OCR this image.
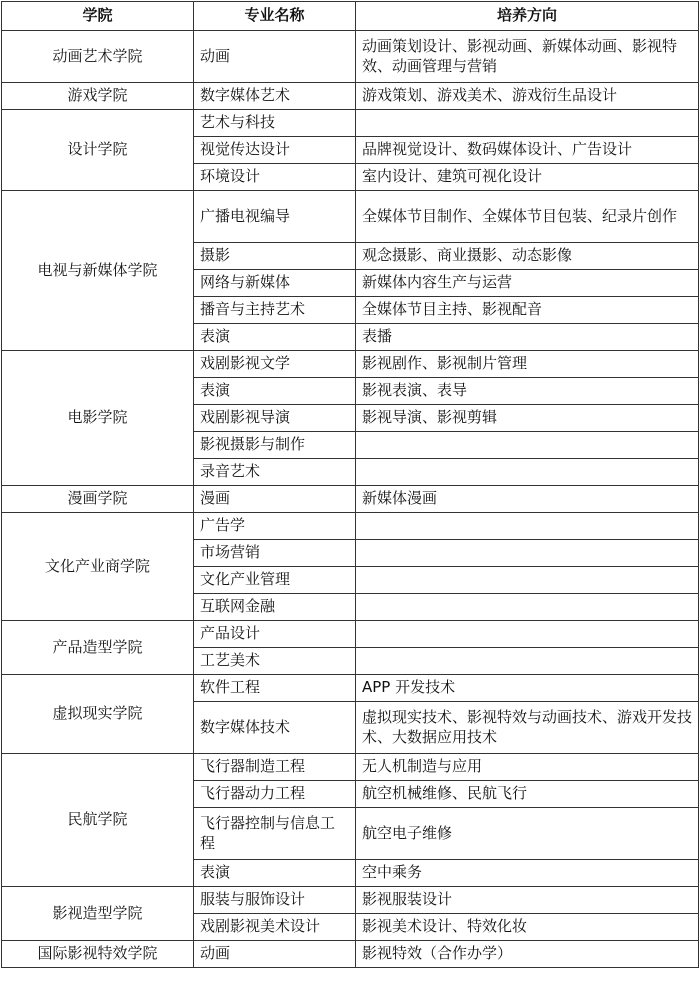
学院	专业名称	培养方向
动画艺术学院	动画	动画策划设计、影视动画、新媒体动画、影视特效、动画管理与营销
游戏学院	数字媒体艺术	游戏策划、游戏美术、游戏衍生品设计
设计学院	艺术与科技	
	视觉传达设计	品牌视觉设计、数码媒体设计、广告设计
	环境设计	室内设计、建筑可视化设计
电视与新媒体学院	广播电视编导	全媒体节目制作、全媒体节目包装、纪录片创作
	摄影	观念摄影、商业摄影、动态影像
	网络与新媒体	新媒体内容生产与运营
	播音与主持艺术	全媒体节目主持、影视配音
	表演	表播
电影学院	戏剧影视文学	影视剧作、影视制片管理
	表演	影视表演、表导
	戏剧影视导演	影视导演、影视剪辑
	影视摄影与制作	
	录音艺术	
漫画学院	漫画	新媒体漫画
文化产业商学院	广告学	
	市场营销	
	文化产业管理	
	互联网金融	
产品造型学院	产品设计	
	工艺美术	
虚拟现实学院	软件工程	APP 开发技术
	数字媒体技术	虚拟现实技术、影视特效与动画技术、游戏开发技术、大数据应用技术
民航学院	飞行器制造工程	无人机制造与应用
	飞行器动力工程	航空机械维修、民航飞行
	飞行器控制与信息工程	航空电子维修
	表演	空中乘务
影视造型学院	服装与服饰设计	影视服装设计
	戏剧影视美术设计	影视美术设计、特效化妆
国际影视特效学院	动画	影视特效（合作办学）
